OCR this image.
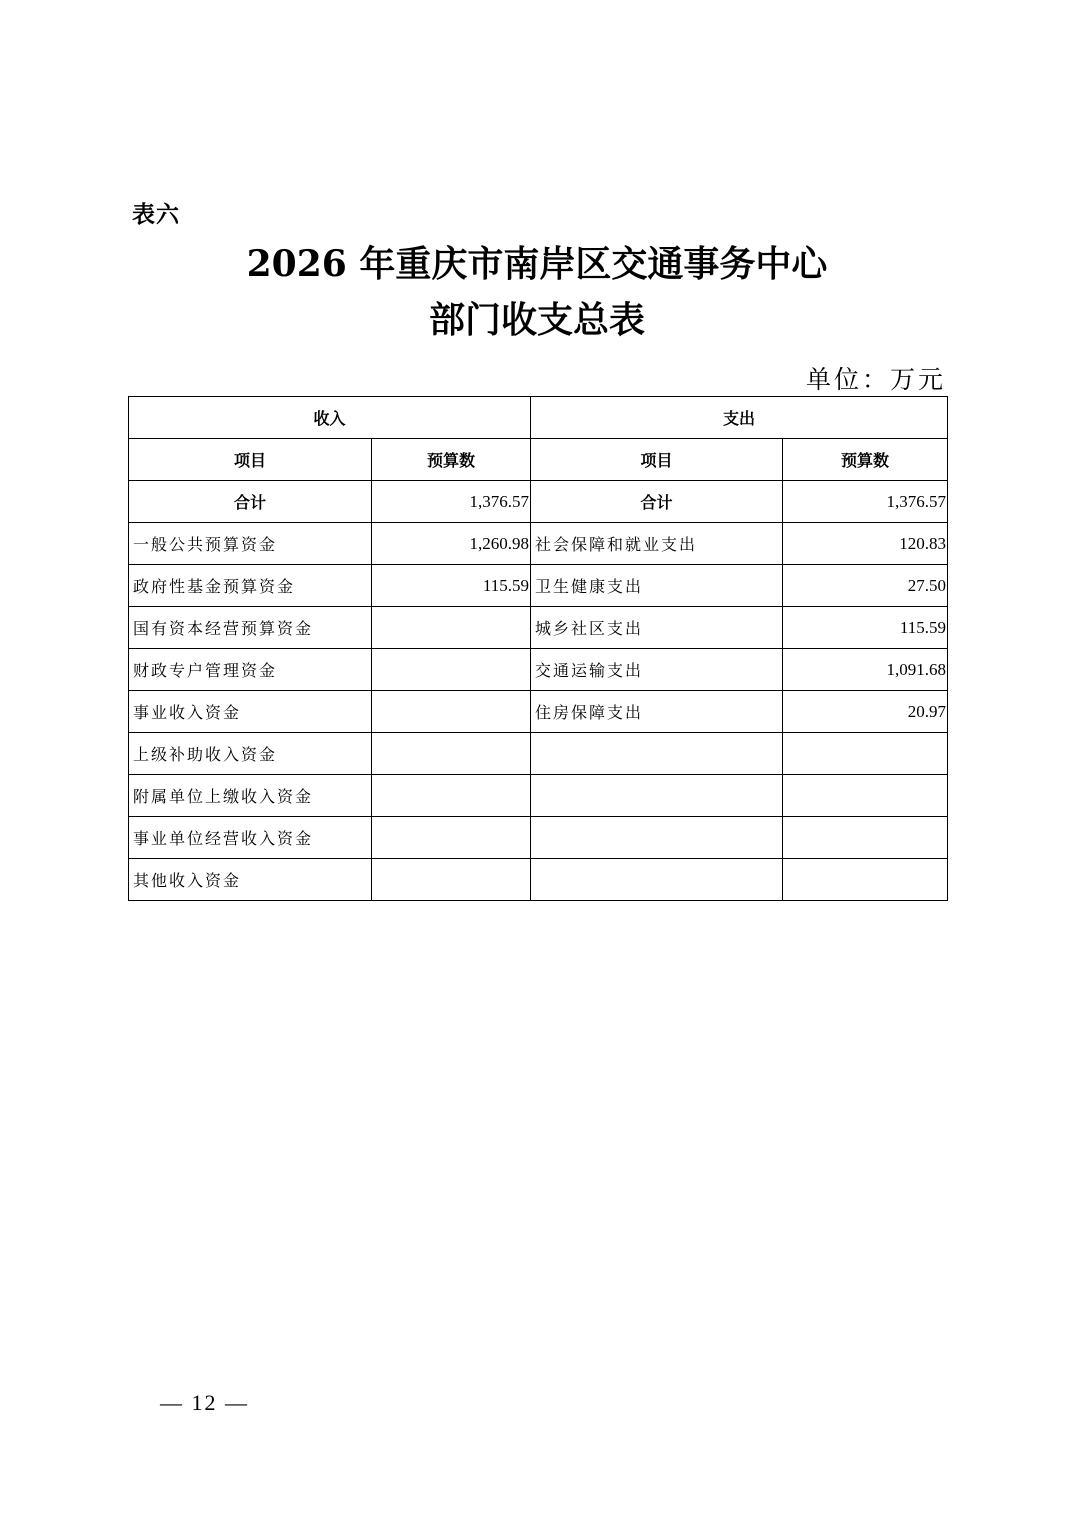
表六
2026 年重庆市南岸区交通事务中心
部门收支总表
单位：万元
收入		支出	
项目	预算数	项目	预算数
合计	1,376.57	合计	1,376.57
一般公共预算资金	1,260.98	社会保障和就业支出	120.83
政府性基金预算资金	115.59	卫生健康支出	27.50
国有资本经营预算资金		城乡社区支出	115.59
财政专户管理资金		交通运输支出	1,091.68
事业收入资金		住房保障支出	20.97
上级补助收入资金			
附属单位上缴收入资金			
事业单位经营收入资金			
其他收入资金			
— 12 —
